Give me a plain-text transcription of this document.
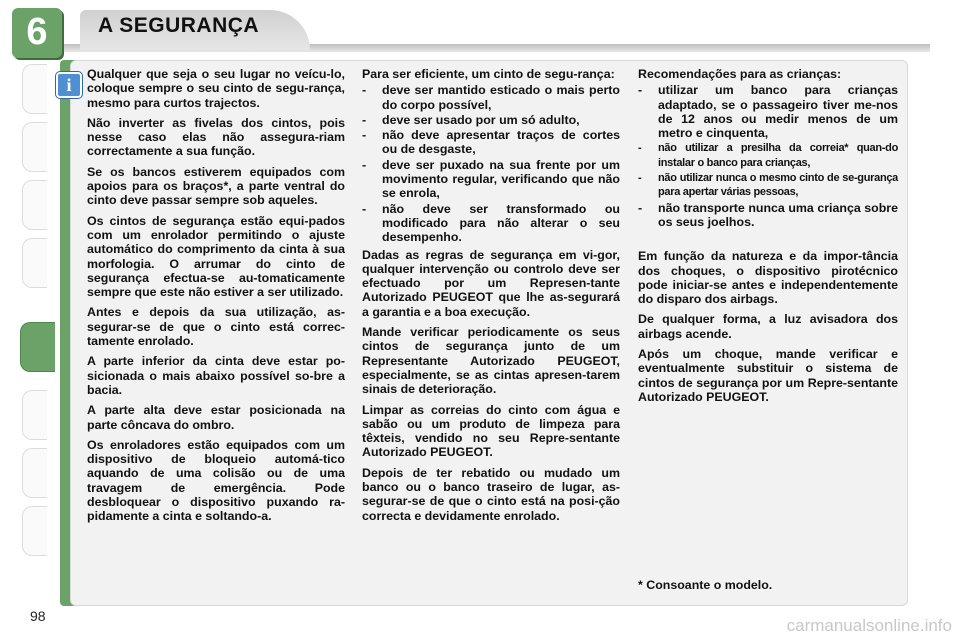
6	A SEGURANÇA
i

Qualquer que seja o seu lugar no veícu-lo, coloque sempre o seu cinto de segu-rança, mesmo para curtos trajectos.

Não inverter as fivelas dos cintos, pois nesse caso elas não assegura-riam correctamente a sua função.

Se os bancos estiverem equipados com apoios para os braços*, a parte ventral do cinto deve passar sempre sob aqueles.

Os cintos de segurança estão equi-pados com um enrolador permitindo o ajuste automático do comprimento da cinta à sua morfologia. O arrumar do cinto de segurança efectua-se au-tomaticamente sempre que este não estiver a ser utilizado.

Antes e depois da sua utilização, as-segurar-se de que o cinto está correc-tamente enrolado.

A parte inferior da cinta deve estar po-sicionada o mais abaixo possível so-bre a bacia.

A parte alta deve estar posicionada na parte côncava do ombro.

Os enroladores estão equipados com um dispositivo de bloqueio automá-tico aquando de uma colisão ou de uma travagem de emergência. Pode desbloquear o dispositivo puxando ra-pidamente a cinta e soltando-a.

Para ser eficiente, um cinto de segu-rança:

-	deve ser mantido esticado o mais perto do corpo possível,
-	deve ser usado por um só adulto,
-	não deve apresentar traços de cortes ou de desgaste,
-	deve ser puxado na sua frente por um movimento regular, verificando que não se enrola,
-	não deve ser transformado ou modificado para não alterar o seu desempenho.

Dadas as regras de segurança em vi-gor, qualquer intervenção ou controlo deve ser efectuado por um Represen-tante Autorizado PEUGEOT que lhe as-segurará a garantia e a boa execução.

Mande verificar periodicamente os seus cintos de segurança junto de um Representante Autorizado PEUGEOT, especialmente, se as cintas apresen-tarem sinais de deterioração.

Limpar as correias do cinto com água e sabão ou um produto de limpeza para têxteis, vendido no seu Repre-sentante Autorizado PEUGEOT.

Depois de ter rebatido ou mudado um banco ou o banco traseiro de lugar, as-segurar-se de que o cinto está na posi-ção correcta e devidamente enrolado.

Recomendações para as crianças:

-	utilizar um banco para crianças adaptado, se o passageiro tiver me-nos de 12 anos ou medir menos de um metro e cinquenta,
-	não utilizar a presilha da correia* quan-do instalar o banco para crianças,
-	não utilizar nunca o mesmo cinto de se-gurança para apertar várias pessoas,
-	não transporte nunca uma criança sobre os seus joelhos.

Em função da natureza e da impor-tância dos choques, o dispositivo pirotécnico pode iniciar-se antes e independentemente do disparo dos airbags.

De qualquer forma, a luz avisadora dos airbags acende.

Após um choque, mande verificar e eventualmente substituir o sistema de cintos de segurança por um Repre-sentante Autorizado PEUGEOT.

* Consoante o modelo.
98	carmanualsonline.info
